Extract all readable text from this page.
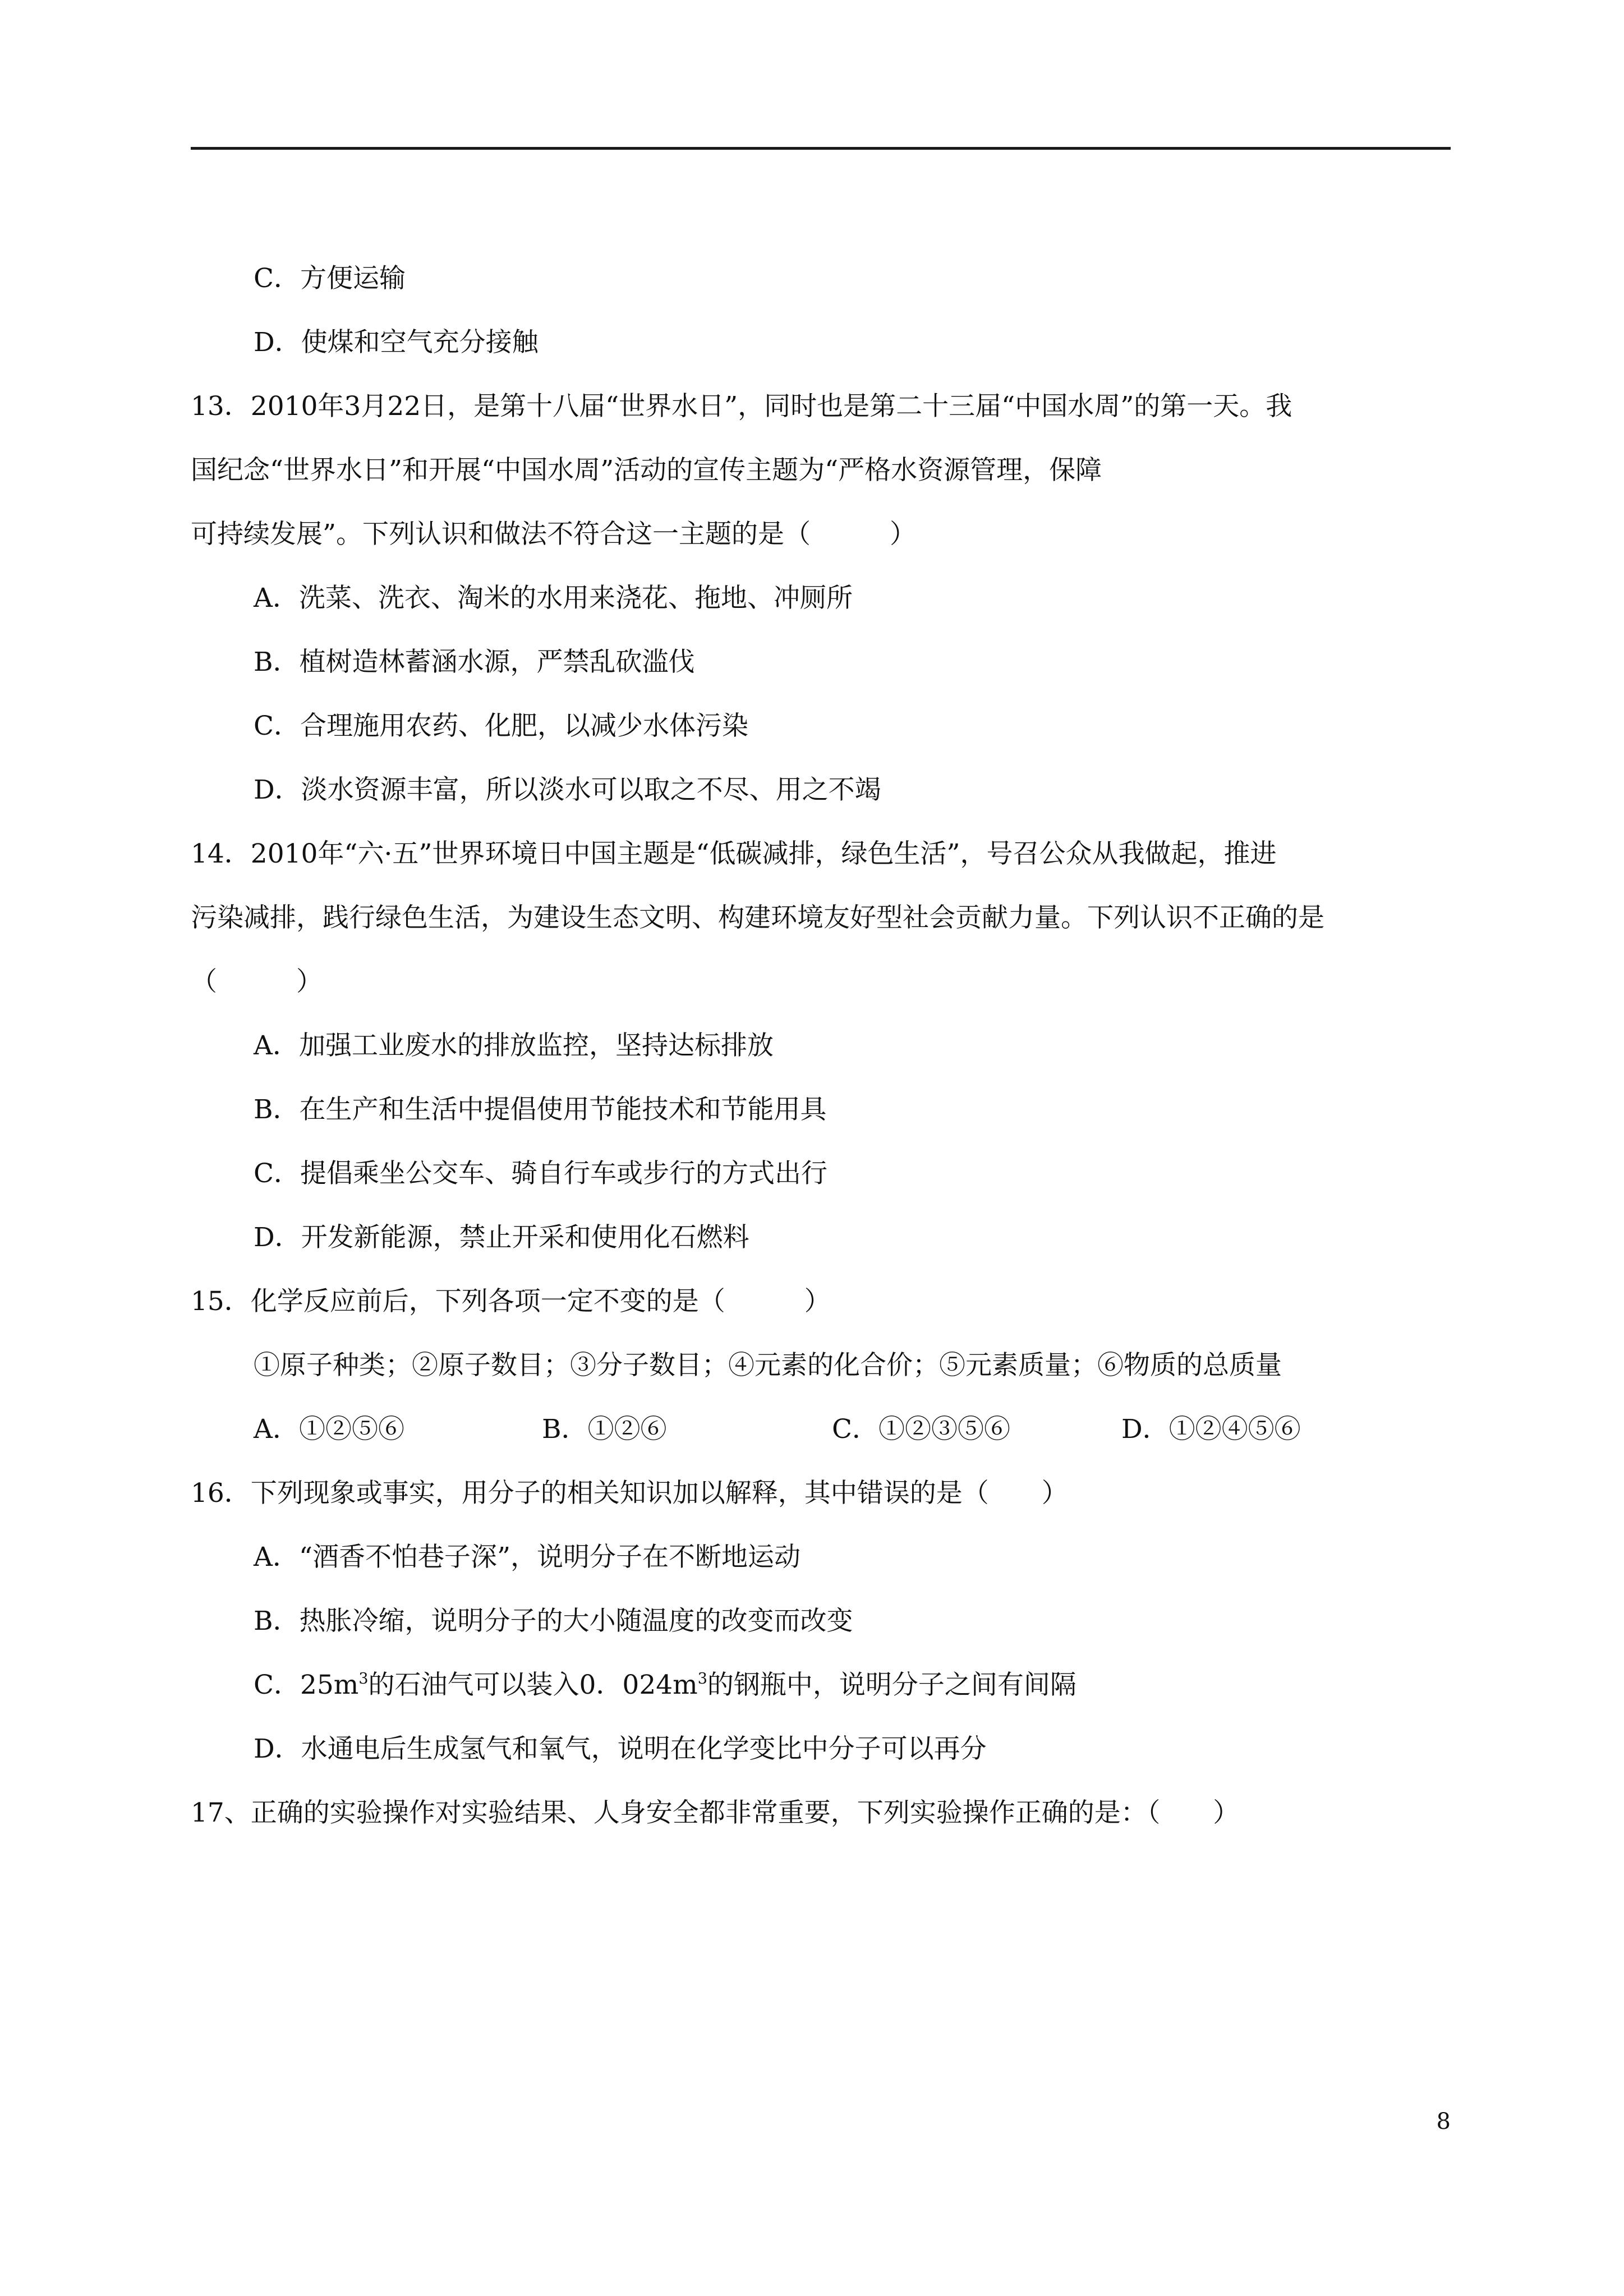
C．方便运输
D．使煤和空气充分接触
13．2010年3月22日，是第十八届“世界水日”，同时也是第二十三届“中国水周”的第一天。我
国纪念“世界水日”和开展“中国水周”活动的宣传主题为“严格水资源管理，保障
可持续发展”。下列认识和做法不符合这一主题的是（　　　）
A．洗菜、洗衣、淘米的水用来浇花、拖地、冲厕所
B．植树造林蓄涵水源，严禁乱砍滥伐
C．合理施用农药、化肥，以减少水体污染
D．淡水资源丰富，所以淡水可以取之不尽、用之不竭
14．2010年“六·五”世界环境日中国主题是“低碳减排，绿色生活”，号召公众从我做起，推进
污染减排，践行绿色生活，为建设生态文明、构建环境友好型社会贡献力量。下列认识不正确的是
（　　　）
A．加强工业废水的排放监控，坚持达标排放
B．在生产和生活中提倡使用节能技术和节能用具
C．提倡乘坐公交车、骑自行车或步行的方式出行
D．开发新能源，禁止开采和使用化石燃料
15．化学反应前后，下列各项一定不变的是（　　　）
①原子种类；②原子数目；③分子数目；④元素的化合价；⑤元素质量；⑥物质的总质量
A．①②⑤⑥	B．①②⑥	C．①②③⑤⑥	D．①②④⑤⑥
16．下列现象或事实，用分子的相关知识加以解释，其中错误的是（　　）
A．“酒香不怕巷子深”，说明分子在不断地运动
B．热胀冷缩，说明分子的大小随温度的改变而改变
C．$25m^3$的石油气可以装入0．$024m^3$的钢瓶中，说明分子之间有间隔
D．水通电后生成氢气和氧气，说明在化学变比中分子可以再分
17、正确的实验操作对实验结果、人身安全都非常重要，下列实验操作正确的是：（　　）
8
